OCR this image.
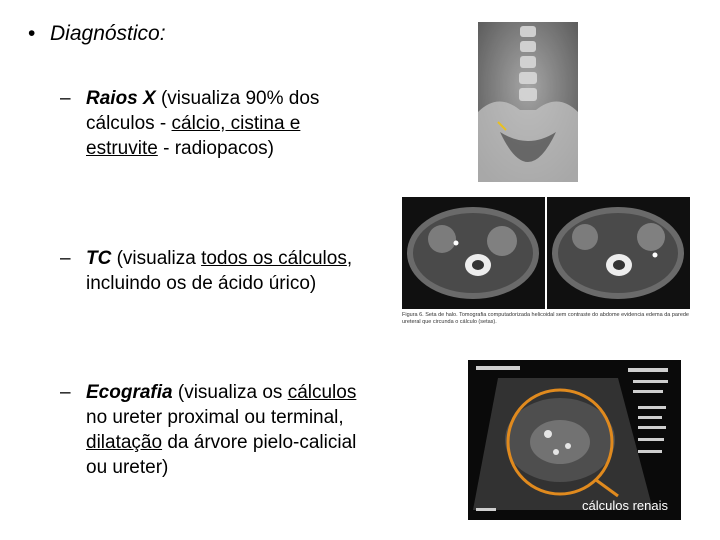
• Diagnóstico:
– Raios X (visualiza 90% dos
cálculos - cálcio, cistina e
estruvite - radiopacos)
– TC (visualiza todos os cálculos,
incluindo os de ácido úrico)
– Ecografia (visualiza os cálculos
no ureter proximal ou terminal,
dilatação da árvore pielo-calicial
ou ureter)
Figura 6. Seta de halo. Tomografia computadorizada helicoidal sem contraste do abdome evidencia edema da parede ureteral que circunda o cálculo (setas).
cálculos renais
